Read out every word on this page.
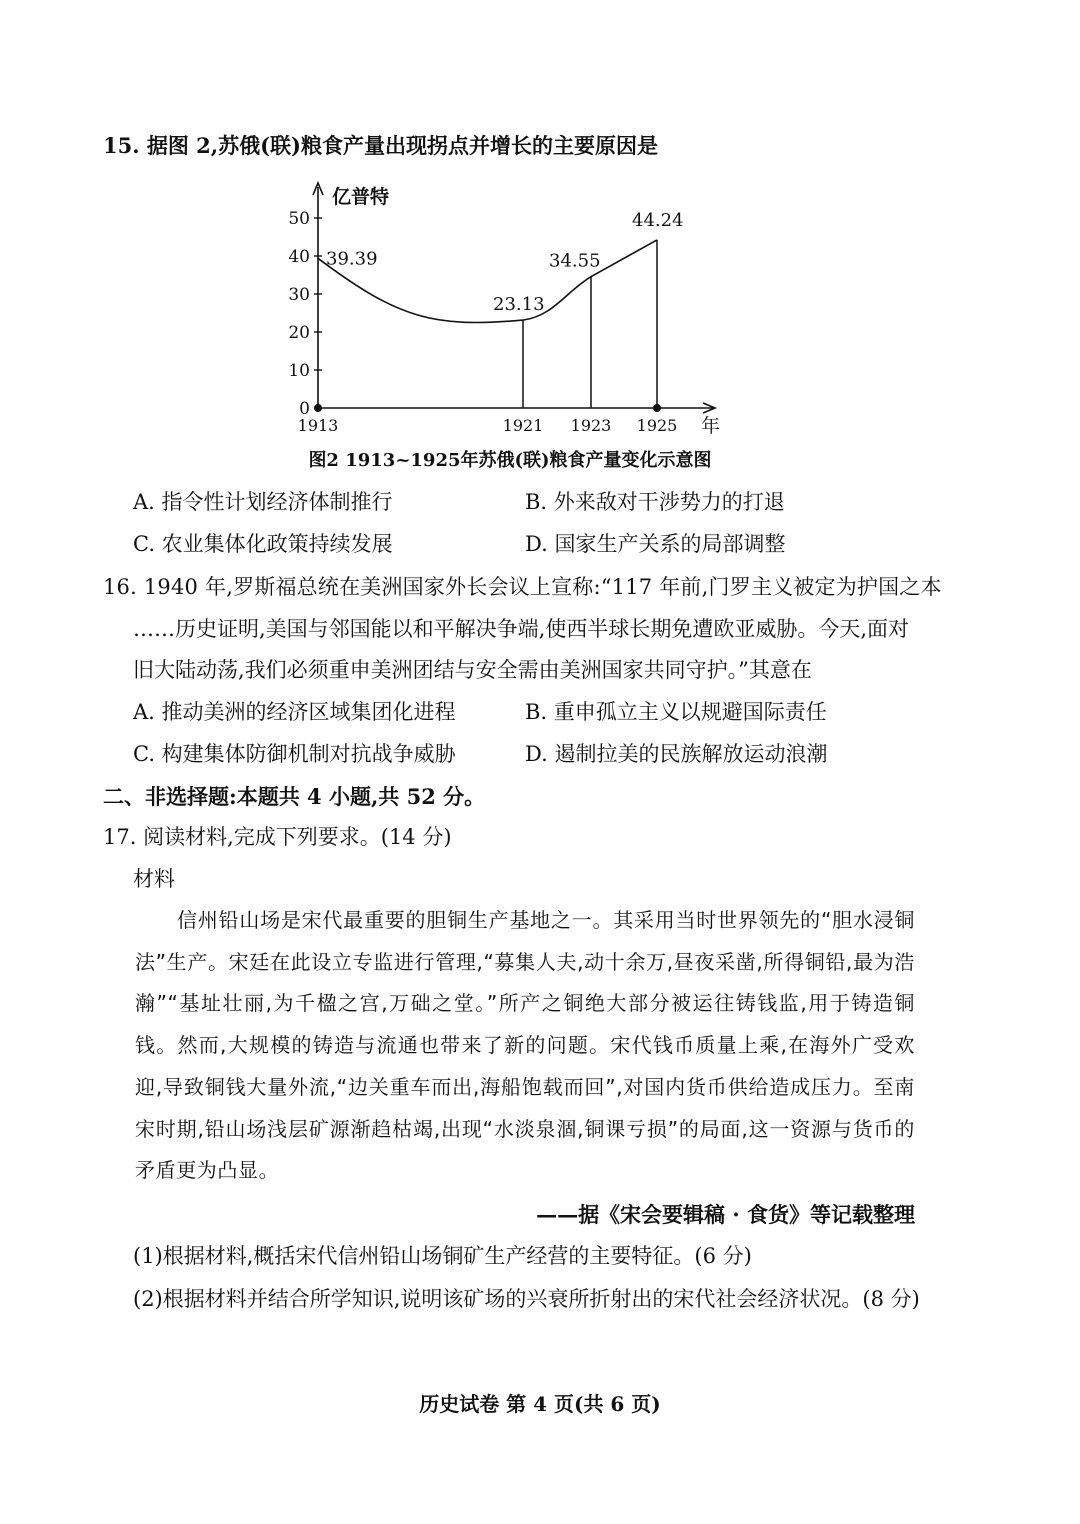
15. 据图 2,苏俄(联)粮食产量出现拐点并增长的主要原因是
亿普特
年
0
10
20
30
40
50
1913	1921 1923 1925
39.39
23.13
34.55
44.24
图2 1913~1925年苏俄(联)粮食产量变化示意图
A. 指令性计划经济体制推行	B. 外来敌对干涉势力的打退
C. 农业集体化政策持续发展	D. 国家生产关系的局部调整
16. 1940 年,罗斯福总统在美洲国家外长会议上宣称:“117 年前,门罗主义被定为护国之本
……历史证明,美国与邻国能以和平解决争端,使西半球长期免遭欧亚威胁。今天,面对
旧大陆动荡,我们必须重申美洲团结与安全需由美洲国家共同守护。”其意在
A. 推动美洲的经济区域集团化进程	B. 重申孤立主义以规避国际责任
C. 构建集体防御机制对抗战争威胁	D. 遏制拉美的民族解放运动浪潮
二、非选择题:本题共 4 小题,共 52 分。
17. 阅读材料,完成下列要求。(14 分)
材料
信州铅山场是宋代最重要的胆铜生产基地之一。其采用当时世界领先的“胆水浸铜法”生产。宋廷在此设立专监进行管理,“募集人夫,动十余万,昼夜采凿,所得铜铅,最为浩瀚”“基址壮丽,为千楹之宫,万础之堂。”所产之铜绝大部分被运往铸钱监,用于铸造铜钱。然而,大规模的铸造与流通也带来了新的问题。宋代钱币质量上乘,在海外广受欢迎,导致铜钱大量外流,“边关重车而出,海船饱载而回”,对国内货币供给造成压力。至南宋时期,铅山场浅层矿源渐趋枯竭,出现“水淡泉涸,铜课亏损”的局面,这一资源与货币的矛盾更为凸显。
——据《宋会要辑稿 · 食货》等记载整理
(1)根据材料,概括宋代信州铅山场铜矿生产经营的主要特征。(6 分)
(2)根据材料并结合所学知识,说明该矿场的兴衰所折射出的宋代社会经济状况。(8 分)
历史试卷 第 4 页(共 6 页)
